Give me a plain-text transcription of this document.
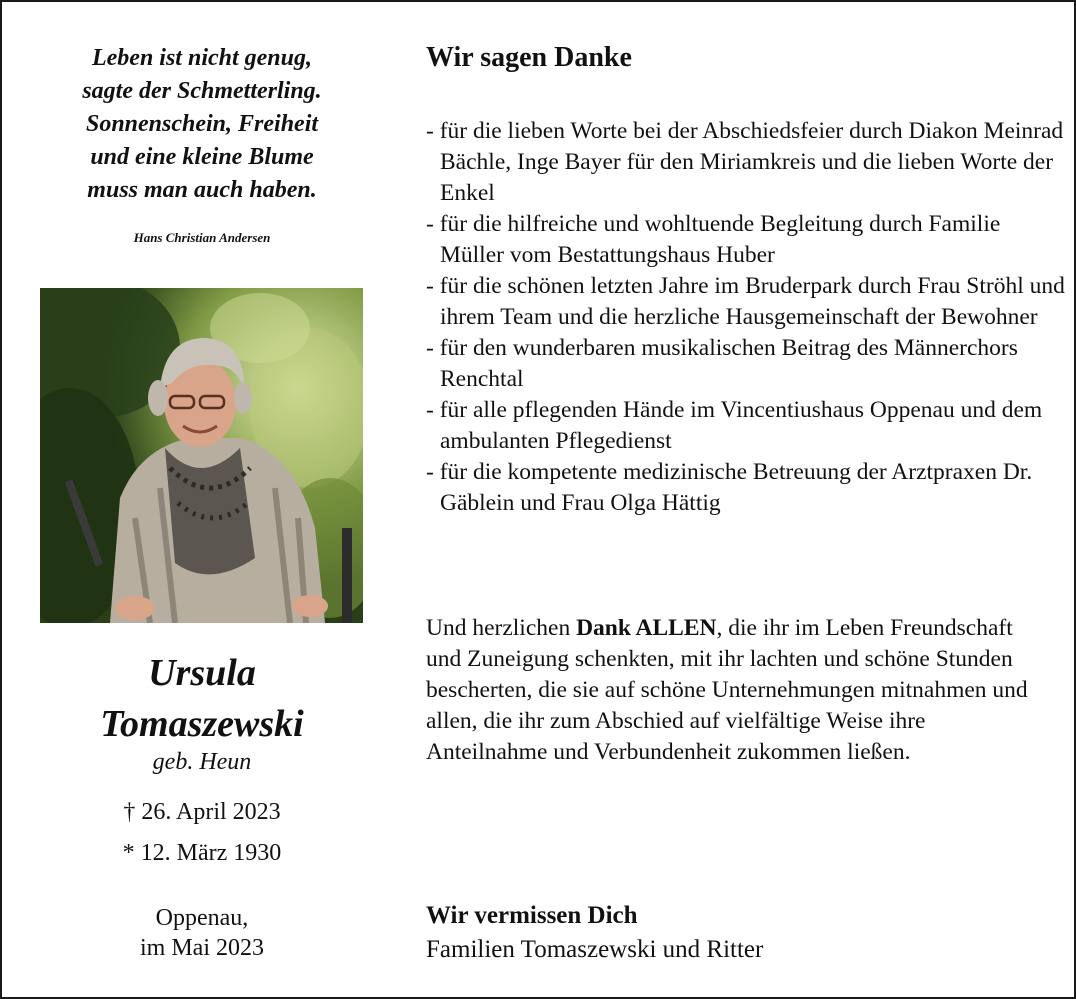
Leben ist nicht genug,
sagte der Schmetterling.
Sonnenschein, Freiheit
und eine kleine Blume
muss man auch haben.
Hans Christian Andersen
Ursula
Tomaszewski
geb. Heun
† 26. April 2023
* 12. März 1930
Oppenau,
im Mai 2023
Wir sagen Danke
- für die lieben Worte bei der Abschiedsfeier durch Diakon Meinrad Bächle, Inge Bayer für den Miriamkreis und die lieben Worte der Enkel
- für die hilfreiche und wohltuende Begleitung durch Familie Müller vom Bestattungshaus Huber
- für die schönen letzten Jahre im Bruderpark durch Frau Ströhl und ihrem Team und die herzliche Hausgemeinschaft der Bewohner
- für den wunderbaren musikalischen Beitrag des Männerchors Renchtal
- für alle pflegenden Hände im Vincentiushaus Oppenau und dem ambulanten Pflegedienst
- für die kompetente medizinische Betreuung der Arztpraxen Dr. Gäblein und Frau Olga Hättig
Und herzlichen Dank ALLEN, die ihr im Leben Freundschaft und Zuneigung schenkten, mit ihr lachten und schöne Stunden bescherten, die sie auf schöne Unternehmungen mitnahmen und allen, die ihr zum Abschied auf vielfältige Weise ihre Anteilnahme und Verbundenheit zukommen ließen.
Wir vermissen Dich
Familien Tomaszewski und Ritter
